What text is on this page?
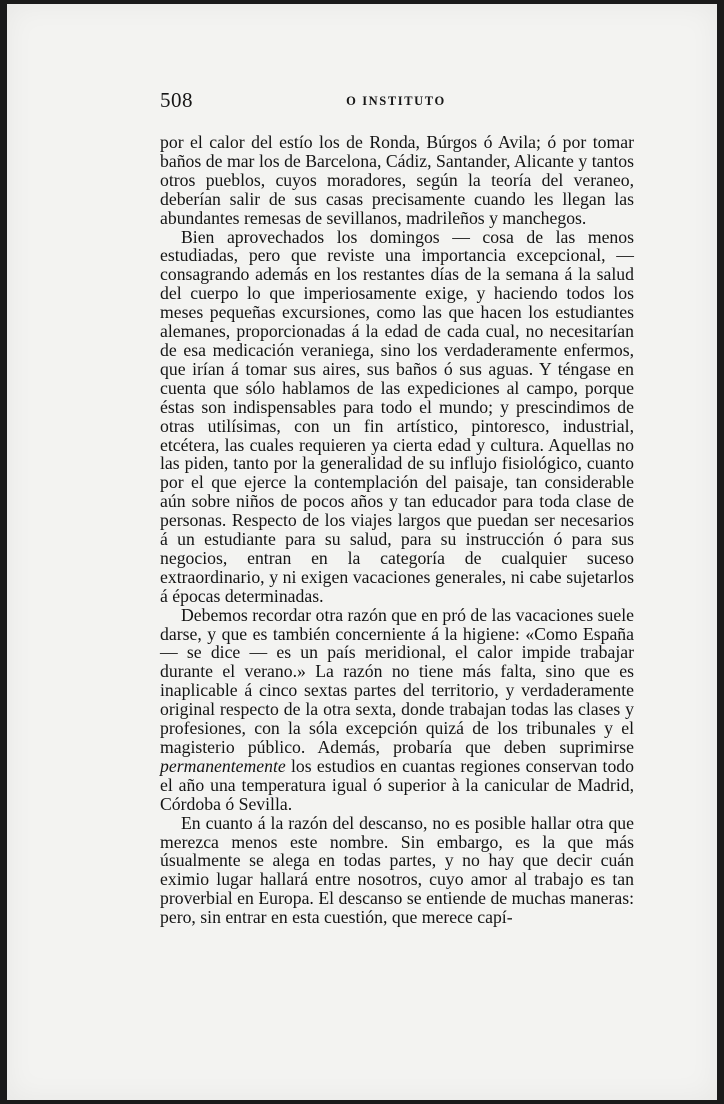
508	O INSTITUTO

por el calor del estío los de Ronda, Búrgos ó Avila; ó por tomar baños de mar los de Barcelona, Cádiz, Santander, Alicante y tantos otros pueblos, cuyos moradores, según la teoría del veraneo, deberían salir de sus casas precisamente cuando les llegan las abundantes remesas de sevillanos, madrileños y manchegos.

Bien aprovechados los domingos — cosa de las menos estudiadas, pero que reviste una importancia excepcional, — consagrando además en los restantes días de la semana á la salud del cuerpo lo que imperiosamente exige, y haciendo todos los meses pequeñas excursiones, como las que hacen los estudiantes alemanes, proporcionadas á la edad de cada cual, no necesitarían de esa medicación veraniega, sino los verdaderamente enfermos, que irían á tomar sus aires, sus baños ó sus aguas. Y téngase en cuenta que sólo hablamos de las expediciones al campo, porque éstas son indispensables para todo el mundo; y prescindimos de otras utilísimas, con un fin artístico, pintoresco, industrial, etcétera, las cuales requieren ya cierta edad y cultura. Aquellas no las piden, tanto por la generalidad de su influjo fisiológico, cuanto por el que ejerce la contemplación del paisaje, tan considerable aún sobre niños de pocos años y tan educador para toda clase de personas. Respecto de los viajes largos que puedan ser necesarios á un estudiante para su salud, para su instrucción ó para sus negocios, entran en la categoría de cualquier suceso extraordinario, y ni exigen vacaciones generales, ni cabe sujetarlos á épocas determinadas.

Debemos recordar otra razón que en pró de las vacaciones suele darse, y que es también concerniente á la higiene: «Como España — se dice — es un país meridional, el calor impide trabajar durante el verano.» La razón no tiene más falta, sino que es inaplicable á cinco sextas partes del territorio, y verdaderamente original respecto de la otra sexta, donde trabajan todas las clases y profesiones, con la sóla excepción quizá de los tribunales y el magisterio público. Además, probaría que deben suprimirse permanentemente los estudios en cuantas regiones conservan todo el año una temperatura igual ó superior à la canicular de Madrid, Córdoba ó Sevilla.

En cuanto á la razón del descanso, no es posible hallar otra que merezca menos este nombre. Sin embargo, es la que más úsualmente se alega en todas partes, y no hay que decir cuán eximio lugar hallará entre nosotros, cuyo amor al trabajo es tan proverbial en Europa. El descanso se entiende de muchas maneras: pero, sin entrar en esta cuestión, que merece capí-
